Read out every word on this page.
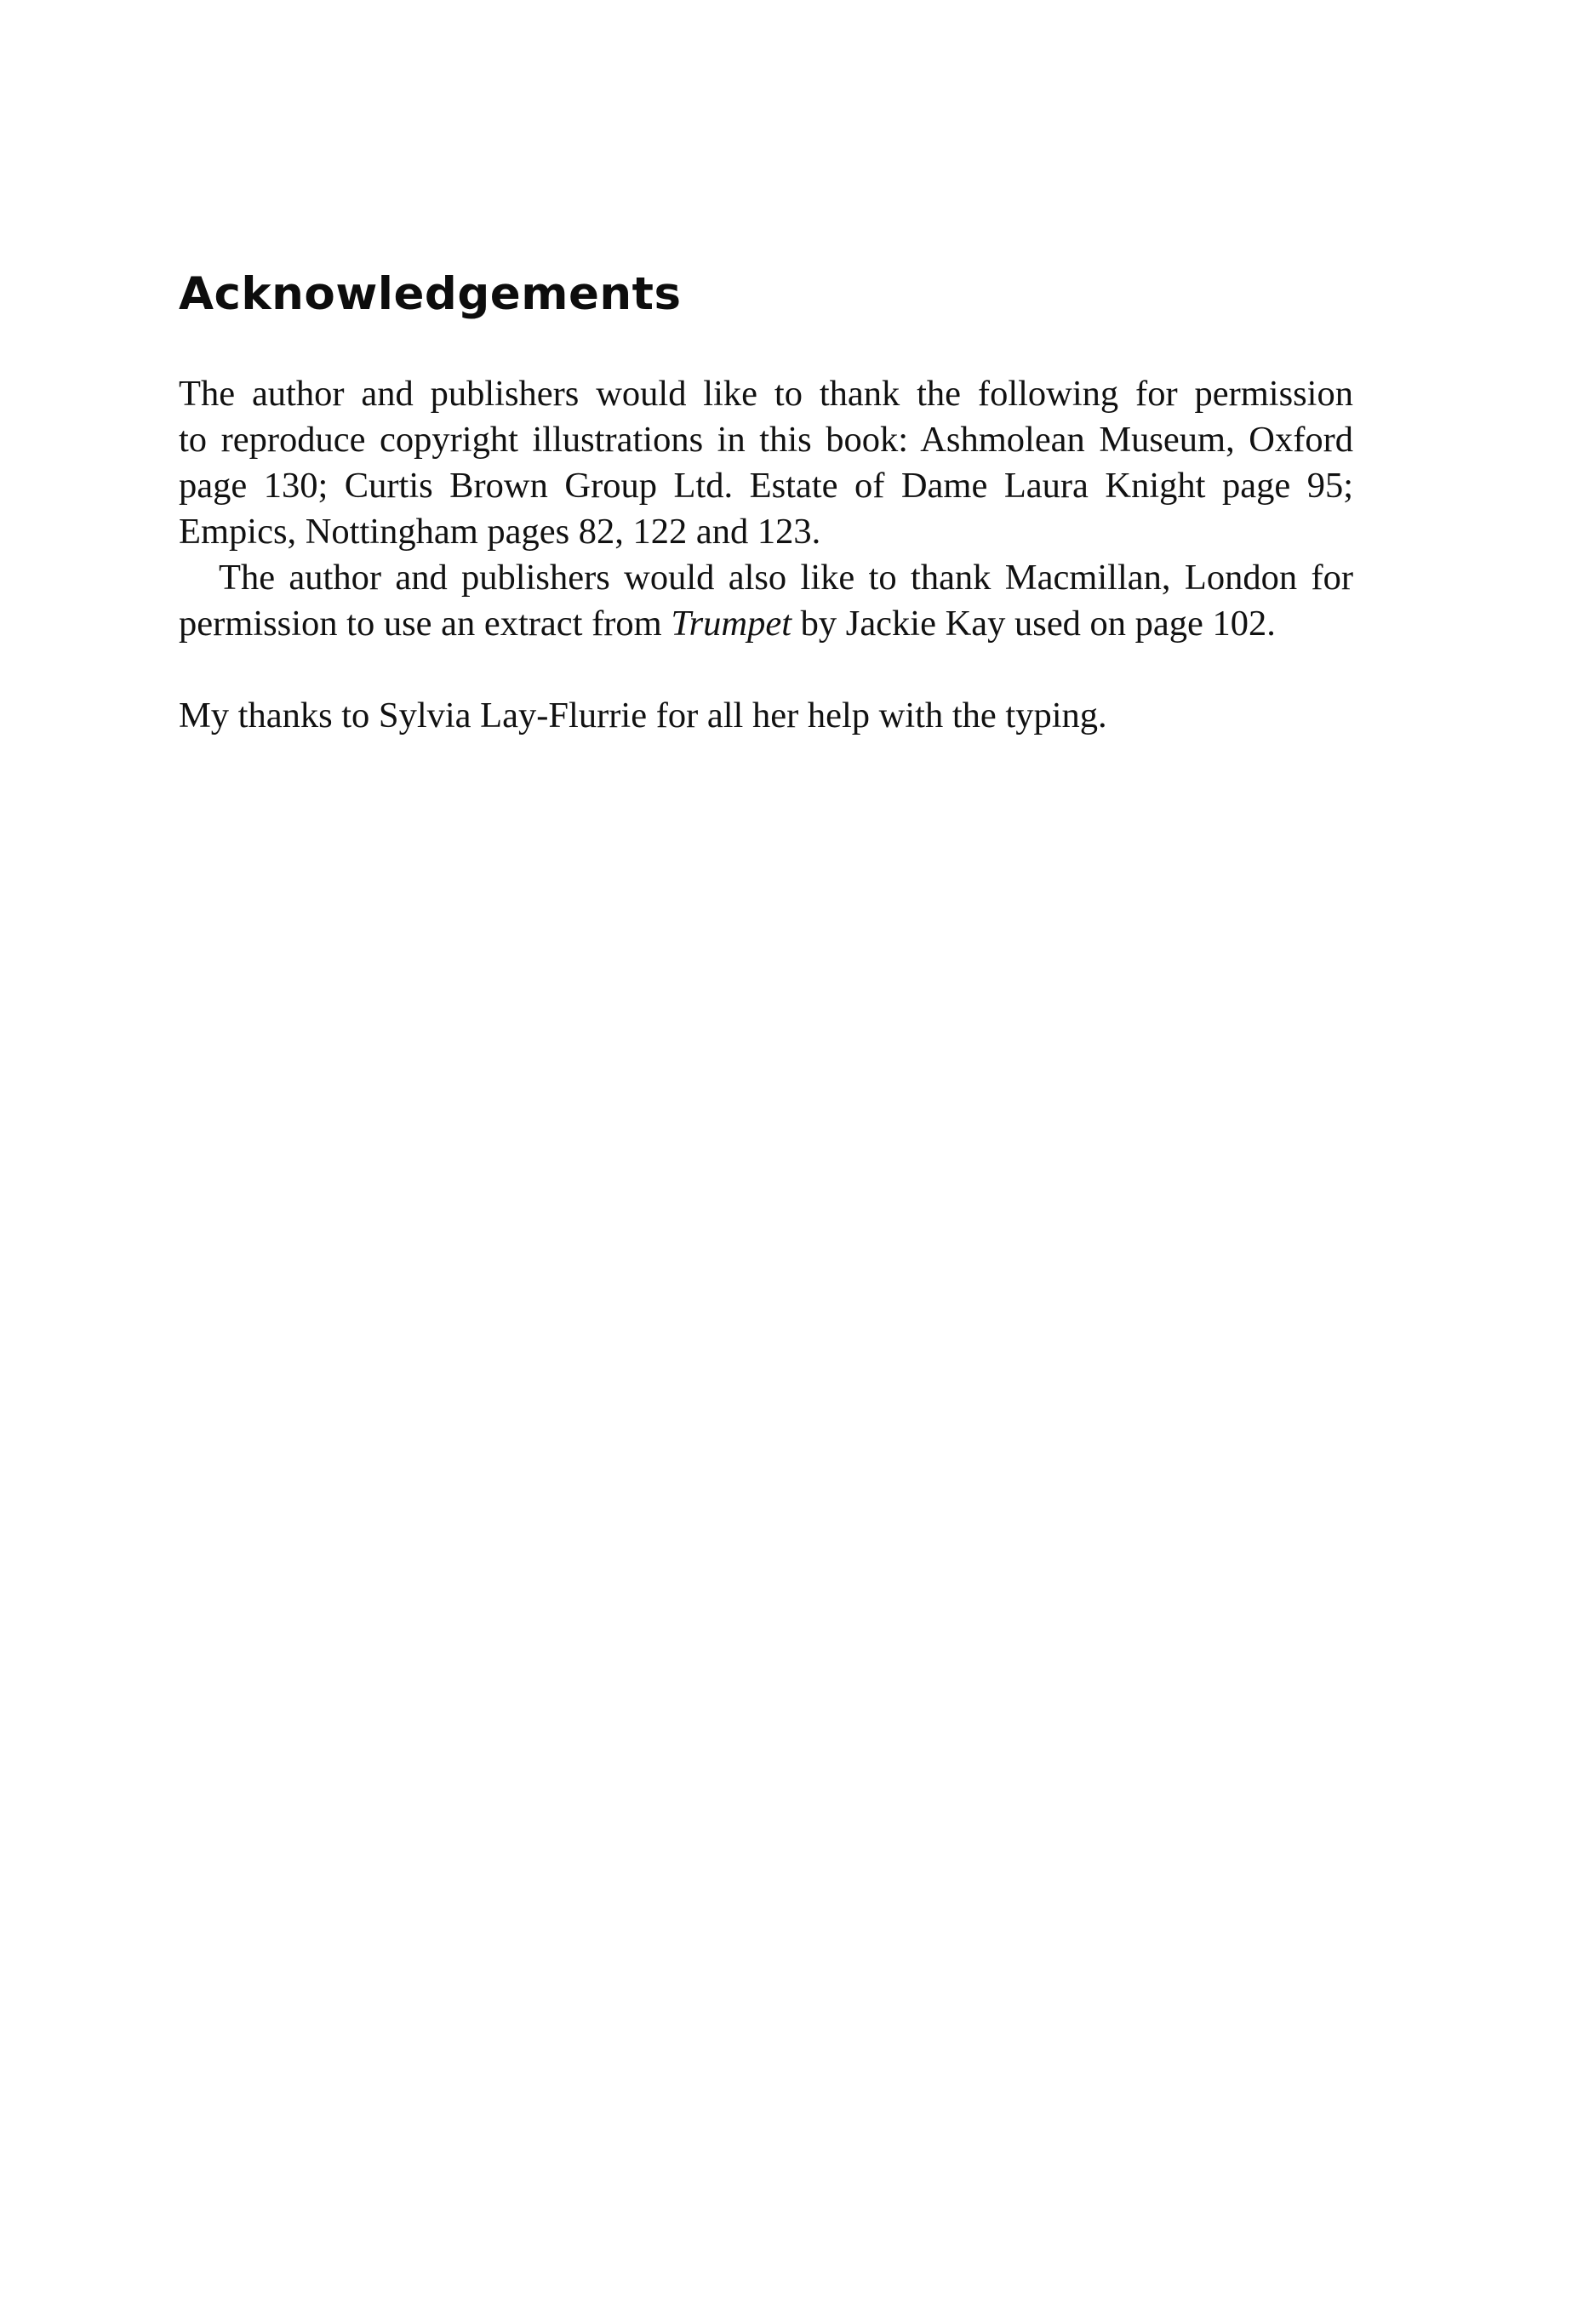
Acknowledgements

The author and publishers would like to thank the following for permission
to reproduce copyright illustrations in this book: Ashmolean Museum, Oxford
page 130; Curtis Brown Group Ltd. Estate of Dame Laura Knight page 95;
Empics, Nottingham pages 82, 122 and 123.

The author and publishers would also like to thank Macmillan, London for
permission to use an extract from Trumpet by Jackie Kay used on page 102.

My thanks to Sylvia Lay-Flurrie for all her help with the typing.
